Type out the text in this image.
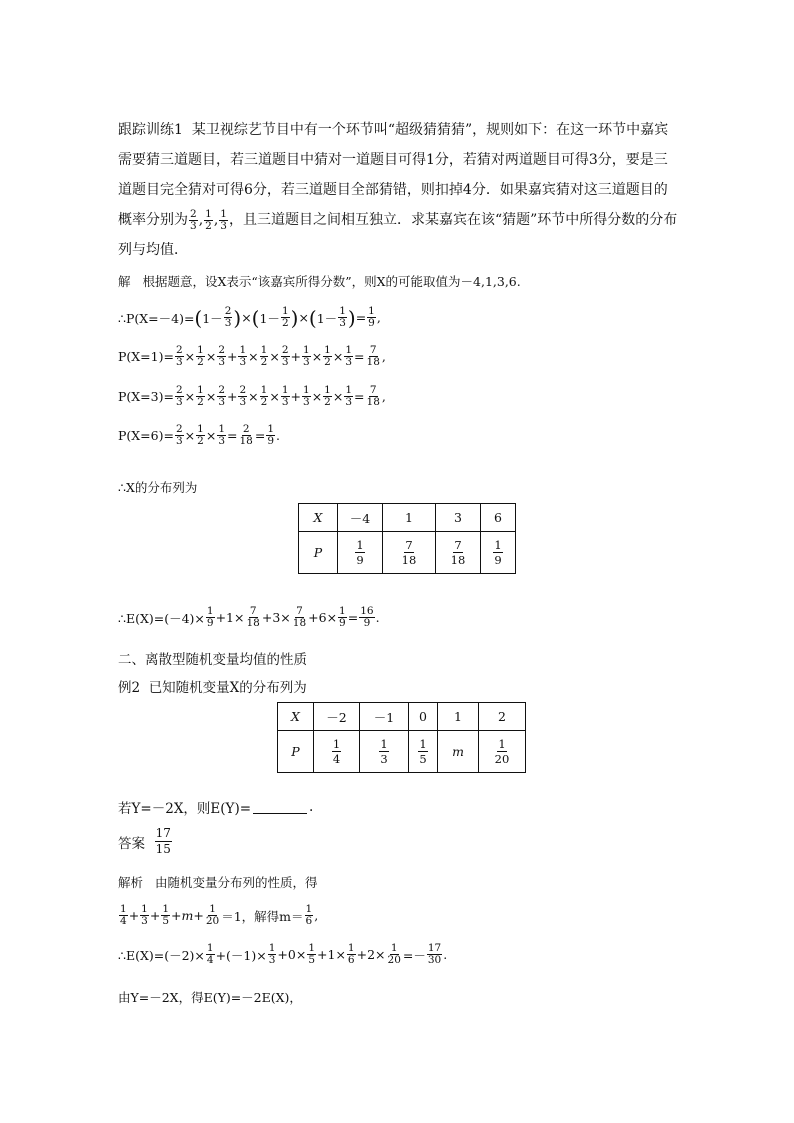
跟踪训练1 某卫视综艺节目中有一个环节叫“超级猜猜猜”，规则如下：在这一环节中嘉宾
需要猜三道题目，若三道题目中猜对一道题目可得1分，若猜对两道题目可得3分，要是三
道题目完全猜对可得6分，若三道题目全部猜错，则扣掉4分．如果嘉宾猜对这三道题目的
概率分别为 $\frac{2}{3}$ , $\frac{1}{2}$ , $\frac{1}{3}$ ，且三道题目之间相互独立．求某嘉宾在该“猜题”环节中所得分数的分布
列与均值．
解
根据题意，设X表示“该嘉宾所得分数”，则X的可能取值为－4,1,3,6.
∴P(X=－4)= ( $1- \frac{2}{3}$ ) × ( $1- \frac{1}{2}$ ) × ( $1- \frac{1}{3}$ ) = $\frac{1}{9}$ ,
$P(X=1)= \frac{2}{3} \times \frac{1}{2} \times \frac{2}{3} + \frac{1}{3} \times \frac{1}{2} \times \frac{2}{3} + \frac{1}{3} \times \frac{1}{2} \times \frac{1}{3} = \frac{7}{18}$ ,
$P(X=3)= \frac{2}{3} \times \frac{1}{2} \times \frac{2}{3} + \frac{2}{3} \times \frac{1}{2} \times \frac{1}{3} + \frac{1}{3} \times \frac{1}{2} \times \frac{1}{3} = \frac{7}{18}$ ,
$P(X=6)= \frac{2}{3} \times \frac{1}{2} \times \frac{1}{3} = \frac{2}{18} = \frac{1}{9}$ .
∴X的分布列为
X	－4	1	3	6
P	$\frac{1}{9}$	$\frac{7}{18}$	$\frac{7}{18}$	$\frac{1}{9}$
∴E(X)=(－4)× $\frac{1}{9} +1\times \frac{7}{18} +3\times \frac{7}{18} +6\times \frac{1}{9} = \frac{16}{9}$ .
二、离散型随机变量均值的性质
例2
已知随机变量X的分布列为
X	－2	－1	0	1	2
P	$\frac{1}{4}$	$\frac{1}{3}$	$\frac{1}{5}$	m	$\frac{1}{20}$
若Y=－2X，则E(Y)=	.
答案
$\frac{17}{15}$
解析
由随机变量分布列的性质，得
$\frac{1}{4} + \frac{1}{3} + \frac{1}{5} + m + \frac{1}{20} =1$，解得$m= \frac{1}{6}$ ,
∴E(X)=(－2)× $\frac{1}{4} +(-1)\times \frac{1}{3} +0\times \frac{1}{5} +1\times \frac{1}{6} +2\times \frac{1}{20} =- \frac{17}{30}$ .
由Y=－2X，得E(Y)=－2E(X)，
